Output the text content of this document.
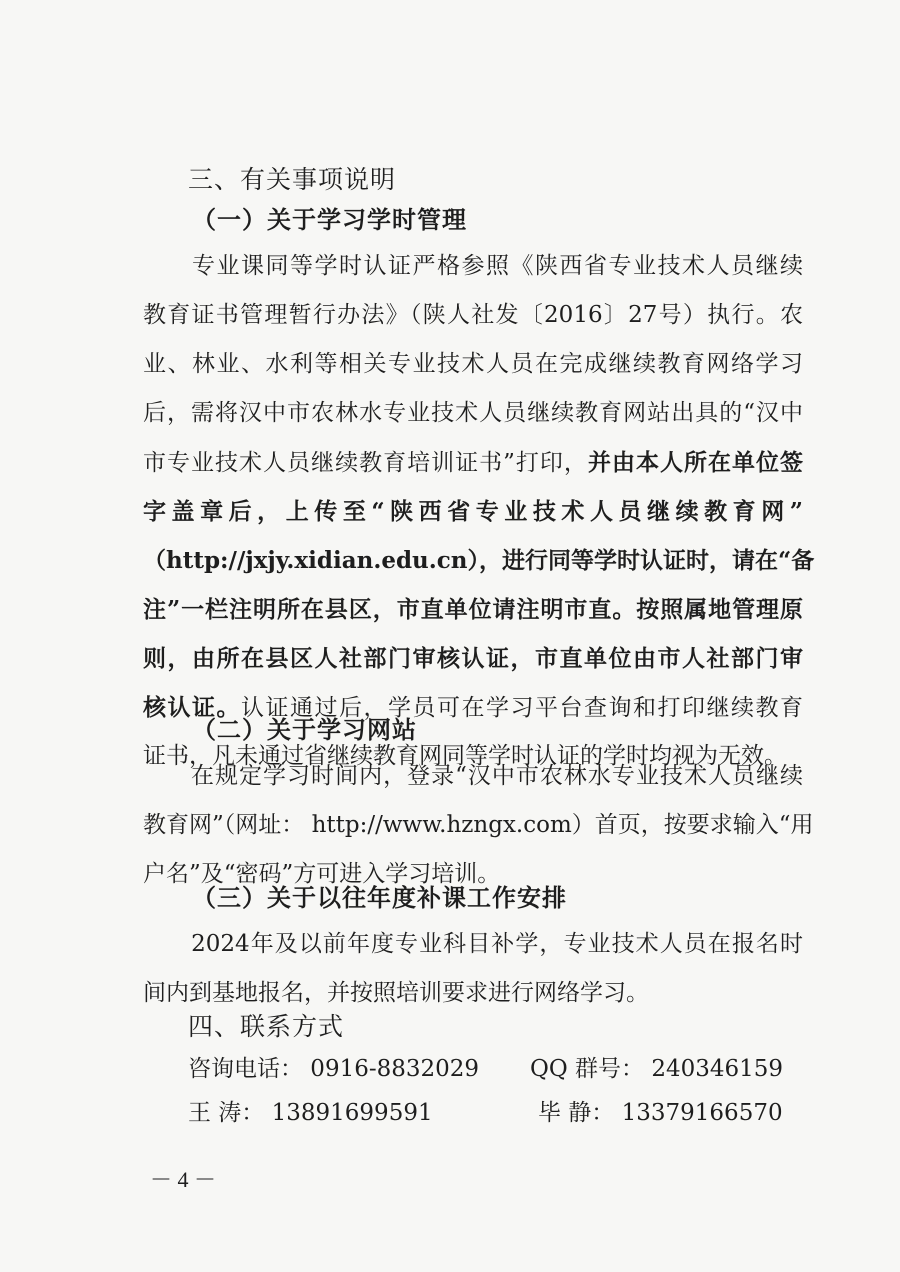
三、有关事项说明
（一）关于学习学时管理
　　专业课同等学时认证严格参照《陕西省专业技术人员继续
教育证书管理暂行办法》（陕人社发〔2016〕27号）执行。农
业、林业、水利等相关专业技术人员在完成继续教育网络学习
后，需将汉中市农林水专业技术人员继续教育网站出具的“汉中
市专业技术人员继续教育培训证书”打印，并由本人所在单位签
字盖章后，上传至“陕西省专业技术人员继续教育网”
（http://jxjy.xidian.edu.cn），进行同等学时认证时，请在“备
注”一栏注明所在县区，市直单位请注明市直。按照属地管理原
则，由所在县区人社部门审核认证，市直单位由市人社部门审
核认证。认证通过后，学员可在学习平台查询和打印继续教育
证书，凡未通过省继续教育网同等学时认证的学时均视为无效。
（二）关于学习网站
　　在规定学习时间内，登录“汉中市农林水专业技术人员继续
教育网”（网址： http://www.hzngx.com）首页，按要求输入“用
户名”及“密码”方可进入学习培训。
（三）关于以往年度补课工作安排
　　2024年及以前年度专业科目补学，专业技术人员在报名时
间内到基地报名，并按照培训要求进行网络学习。
四、联系方式

咨询电话： 0916-8832029 QQ 群号： 240346159

王 涛： 13891699591	毕 静： 13379166570

－ 4 －
